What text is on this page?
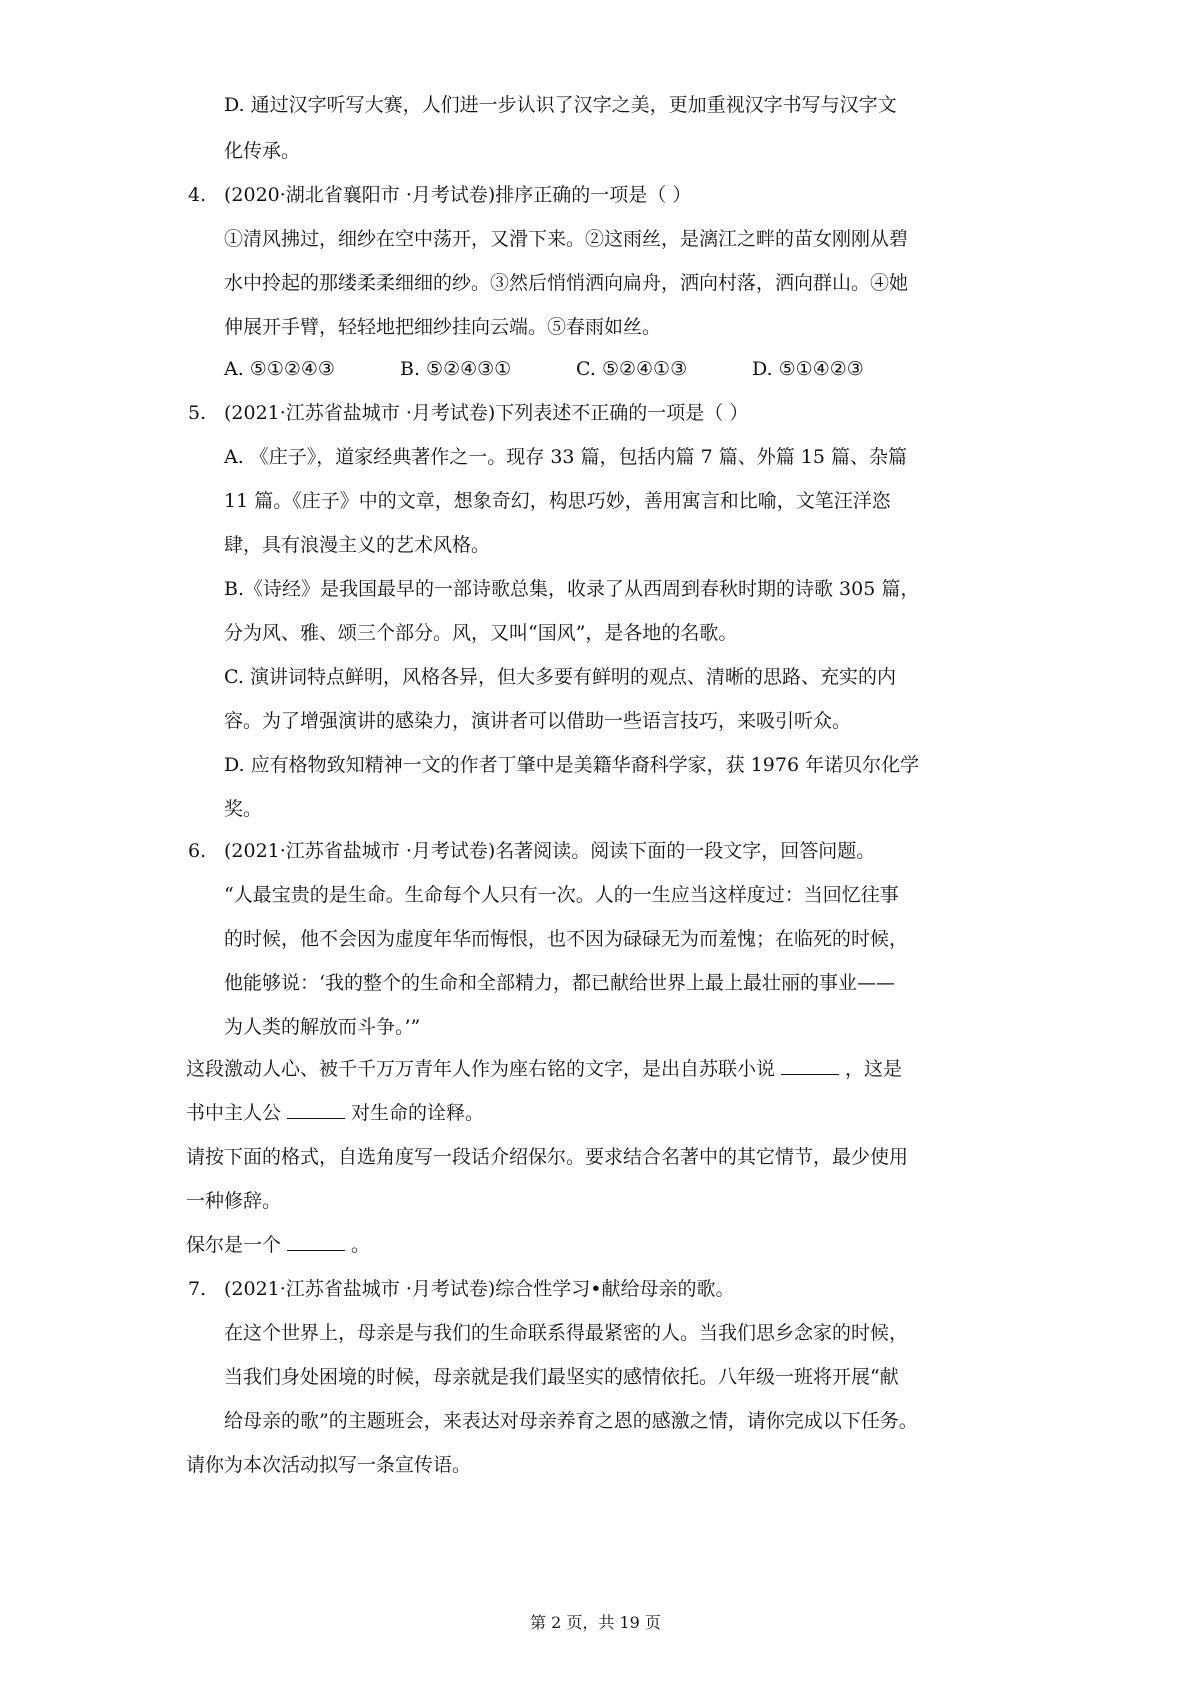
D. 通过汉字听写大赛，人们进一步认识了汉字之美，更加重视汉字书写与汉字文
化传承。
4. (2020·湖北省襄阳市 ·月考试卷)排序正确的一项是（ ）
①清风拂过，细纱在空中荡开，又滑下来。②这雨丝，是漓江之畔的苗女刚刚从碧
水中拎起的那缕柔柔细细的纱。③然后悄悄洒向扁舟，洒向村落，洒向群山。④她
伸展开手臂，轻轻地把细纱挂向云端。⑤春雨如丝。
A. ⑤①②④③	B. ⑤②④③①	C. ⑤②④①③	D. ⑤①④②③
5. (2021·江苏省盐城市 ·月考试卷)下列表述不正确的一项是（ ）
A. 《庄子》，道家经典著作之一。现存 33 篇，包括内篇 7 篇、外篇 15 篇、杂篇
11 篇。《庄子》中的文章，想象奇幻，构思巧妙，善用寓言和比喻，文笔汪洋恣
肆，具有浪漫主义的艺术风格。
B.《诗经》是我国最早的一部诗歌总集，收录了从西周到春秋时期的诗歌 305 篇，
分为风、雅、颂三个部分。风，又叫“国风”，是各地的名歌。
C. 演讲词特点鲜明，风格各异，但大多要有鲜明的观点、清晰的思路、充实的内
容。为了增强演讲的感染力，演讲者可以借助一些语言技巧，来吸引听众。
D. 应有格物致知精神一文的作者丁肇中是美籍华裔科学家，获 1976 年诺贝尔化学
奖。
6. (2021·江苏省盐城市 ·月考试卷)名著阅读。阅读下面的一段文字，回答问题。
“人最宝贵的是生命。生命每个人只有一次。人的一生应当这样度过：当回忆往事
的时候，他不会因为虚度年华而悔恨，也不因为碌碌无为而羞愧；在临死的时候，
他能够说：‘我的整个的生命和全部精力，都已献给世界上最上最壮丽的事业——
为人类的解放而斗争。’”
这段激动人心、被千千万万青年人作为座右铭的文字，是出自苏联小说	，这是
书中主人公	对生命的诠释。
请按下面的格式，自选角度写一段话介绍保尔。要求结合名著中的其它情节，最少使用
一种修辞。
保尔是一个	。
7. (2021·江苏省盐城市 ·月考试卷)综合性学习•献给母亲的歌。
在这个世界上，母亲是与我们的生命联系得最紧密的人。当我们思乡念家的时候，
当我们身处困境的时候，母亲就是我们最坚实的感情依托。八年级一班将开展“献
给母亲的歌”的主题班会，来表达对母亲养育之恩的感激之情，请你完成以下任务。
请你为本次活动拟写一条宣传语。
第 2 页，共 19 页
